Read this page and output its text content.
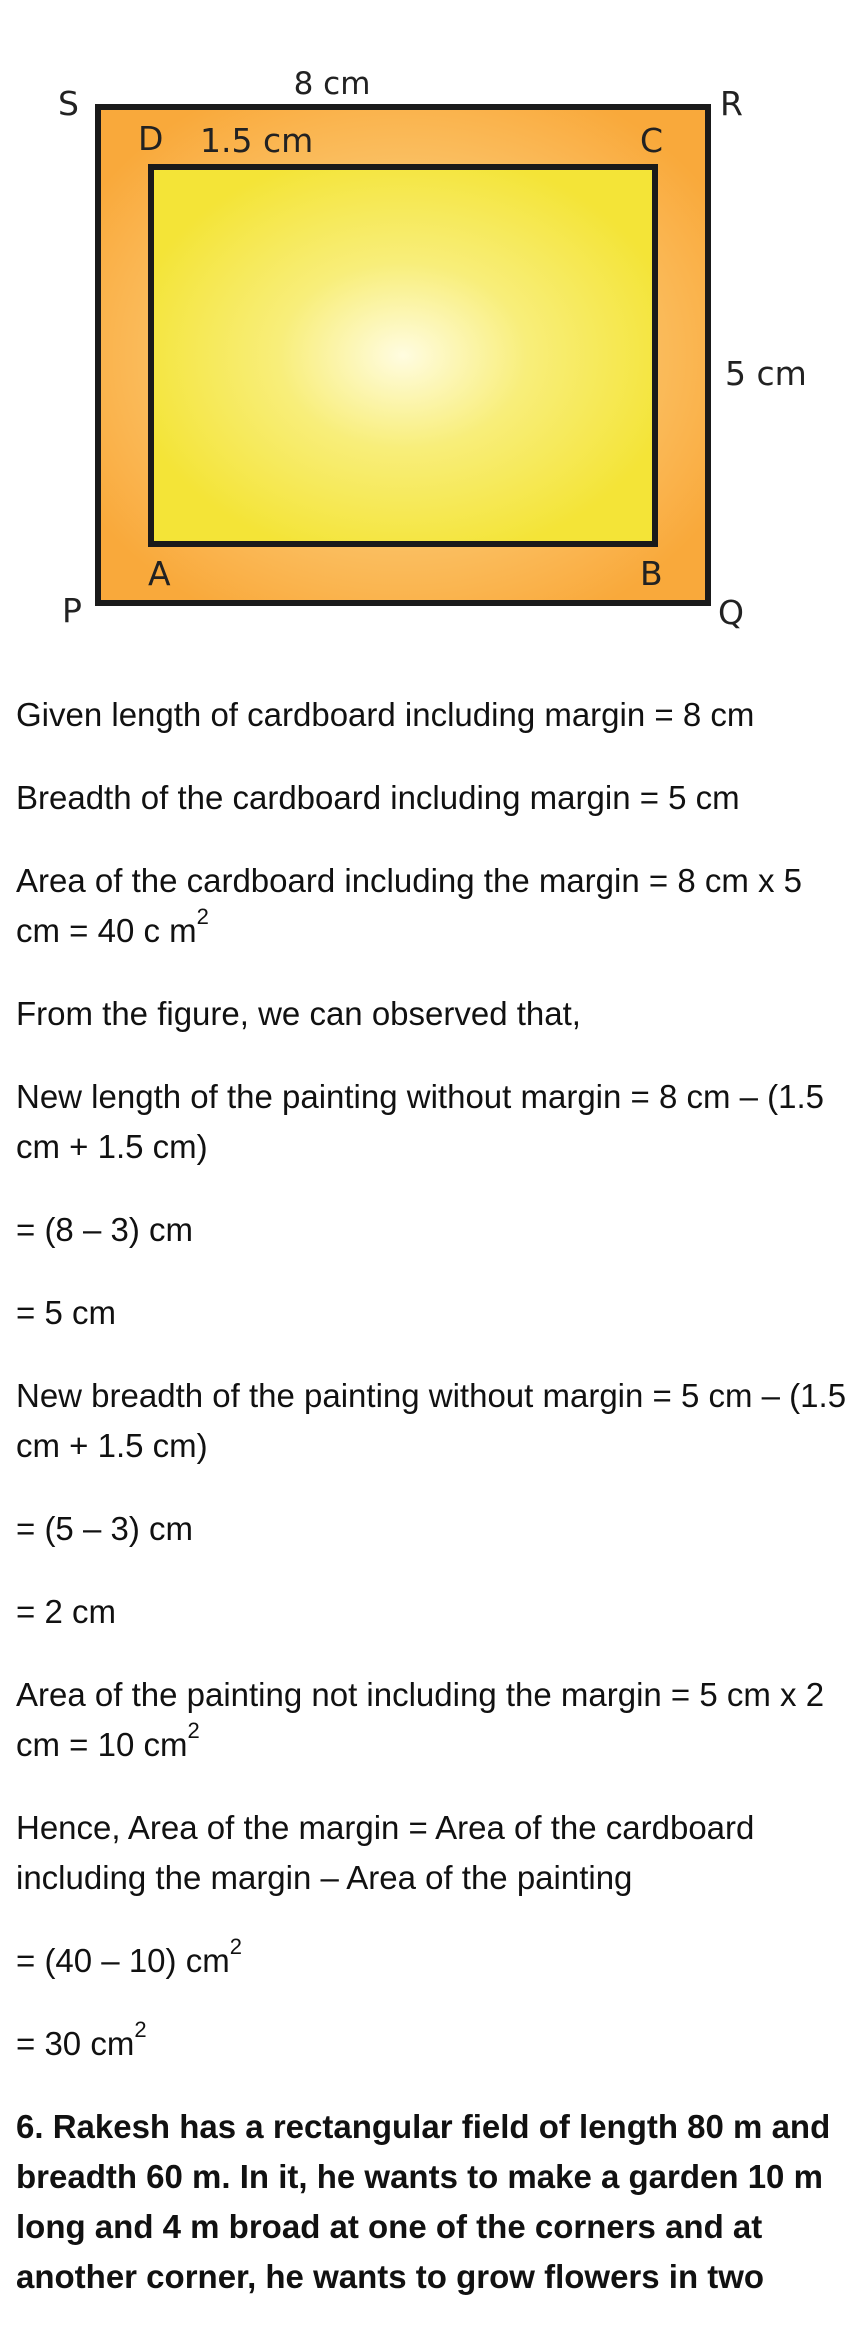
8 cm
1.5 cm
5 cm
S	R
P	Q
D	C
A	B

Given length of cardboard including margin = 8 cm

Breadth of the cardboard including margin = 5 cm

Area of the cardboard including the margin = 8 cm x 5
cm = 40 c $m^2$

From the figure, we can observed that,

New length of the painting without margin = 8 cm – (1.5
cm + 1.5 cm)

= (8 – 3) cm

= 5 cm

New breadth of the painting without margin = 5 cm – (1.5
cm + 1.5 cm)

= (5 – 3) cm

= 2 cm

Area of the painting not including the margin = 5 cm x 2
cm = 10 $cm^2$

Hence, Area of the margin = Area of the cardboard
including the margin – Area of the painting

= (40 – 10) $cm^2$

= 30 $cm^2$

6. Rakesh has a rectangular field of length 80 m and
breadth 60 m. In it, he wants to make a garden 10 m
long and 4 m broad at one of the corners and at
another corner, he wants to grow flowers in two
